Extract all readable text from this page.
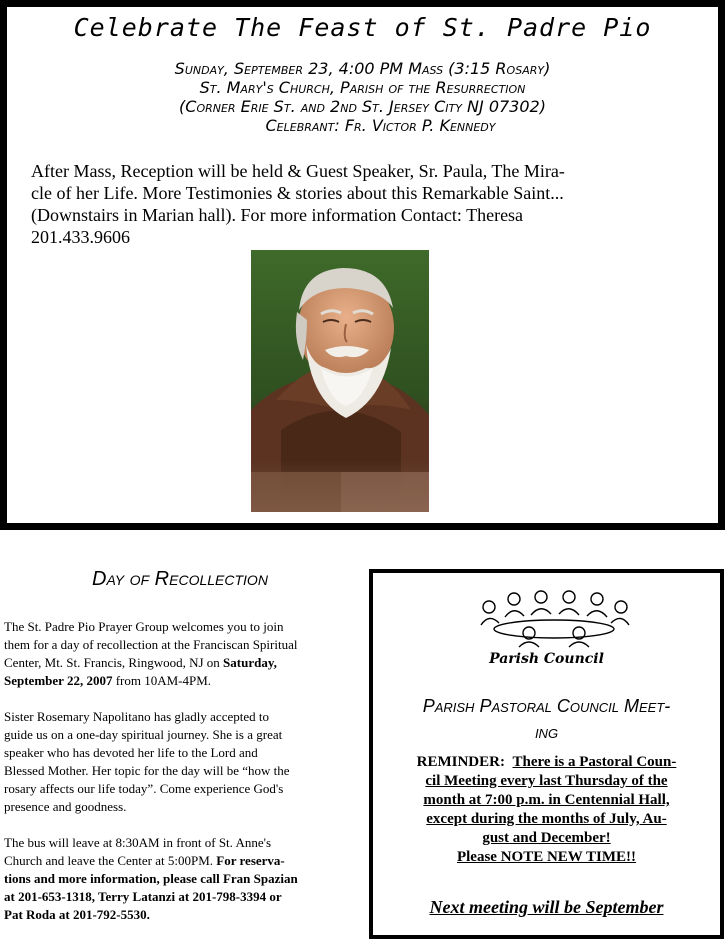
Celebrate The Feast of St. Padre Pio
Sunday, September 23, 4:00 PM Mass (3:15 Rosary)
St. Mary's Church, Parish of the Resurrection
(Corner Erie St. and 2nd St. Jersey City NJ 07302)
Celebrant: Fr. Victor P. Kennedy
After Mass, Reception will be held & Guest Speaker, Sr. Paula, The Mira-
cle of her Life. More Testimonies & stories about this Remarkable Saint...
(Downstairs in Marian hall). For more information Contact: Theresa
201.433.9606
Day of Recollection
The St. Padre Pio Prayer Group welcomes you to join
them for a day of recollection at the Franciscan Spiritual
Center, Mt. St. Francis, Ringwood, NJ on Saturday,
September 22, 2007 from 10AM-4PM.
Sister Rosemary Napolitano has gladly accepted to
guide us on a one-day spiritual journey. She is a great
speaker who has devoted her life to the Lord and
Blessed Mother. Her topic for the day will be “how the
rosary affects our life today”. Come experience God's
presence and goodness.
The bus will leave at 8:30AM in front of St. Anne's
Church and leave the Center at 5:00PM. For reserva-
tions and more information, please call Fran Spazian
at 201-653-1318, Terry Latanzi at 201-798-3394 or
Pat Roda at 201-792-5530.
Parish Council
Parish Pastoral Council Meet-
ing
REMINDER: There is a Pastoral Coun-
cil Meeting every last Thursday of the
month at 7:00 p.m. in Centennial Hall,
except during the months of July, Au-
gust and December!
Please NOTE NEW TIME!!
Next meeting will be September
